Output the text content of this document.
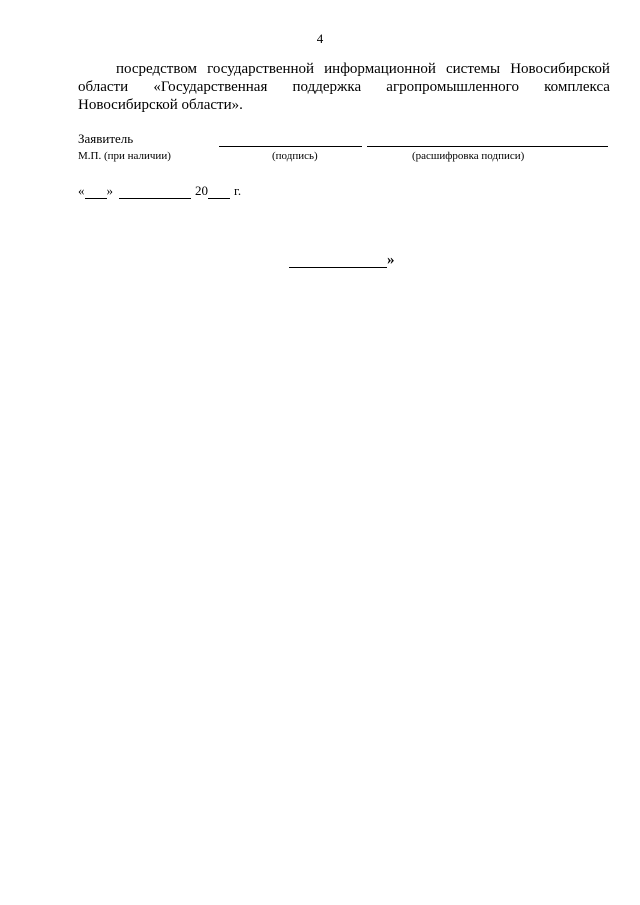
4
посредством государственной информационной системы Новосибирской
области «Государственная поддержка агропромышленного комплекса
Новосибирской области».
Заявитель
М.П. (при наличии)	(подпись)	(расшифровка подписи)
« »	20 г.
»
